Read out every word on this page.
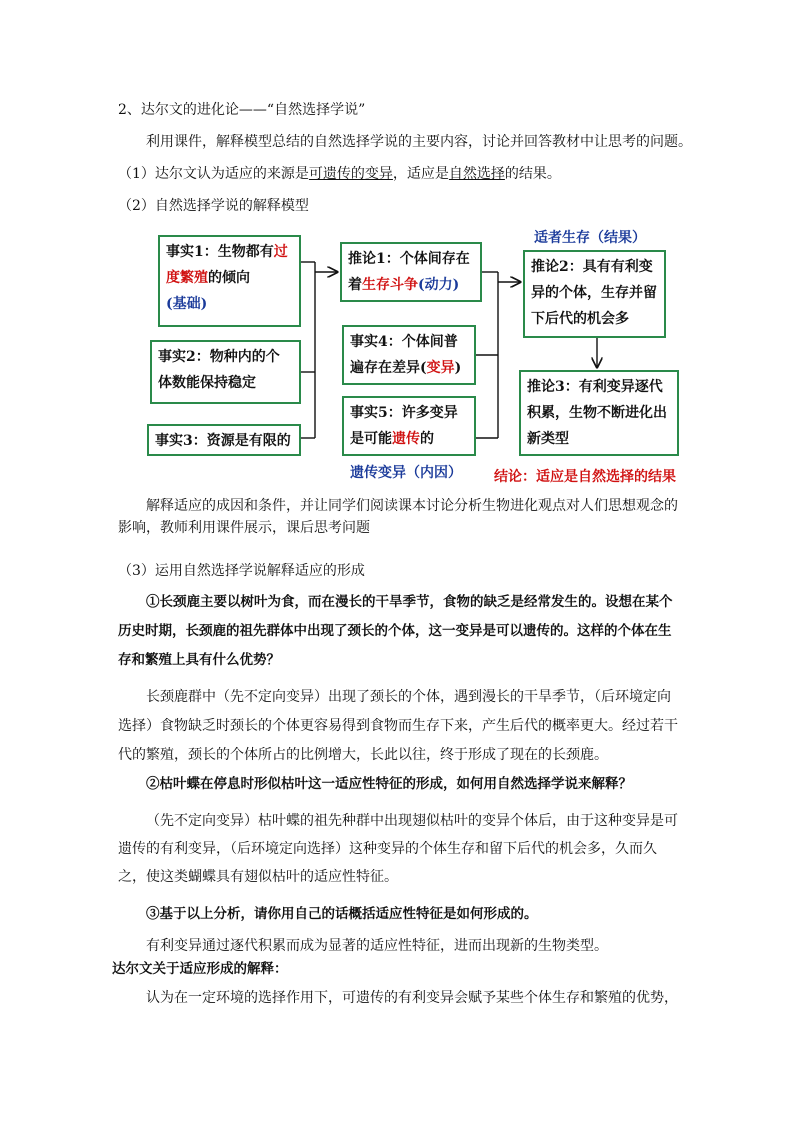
2、达尔文的进化论——“自然选择学说”
利用课件，解释模型总结的自然选择学说的主要内容，讨论并回答教材中让思考的问题。
（1）达尔文认为适应的来源是可遗传的变异，适应是自然选择的结果。
（2）自然选择学说的解释模型
事实1：生物都有过度繁殖的倾向
(基础)
事实2：物种内的个体数能保持稳定
事实3：资源是有限的
推论1：个体间存在着生存斗争(动力)
事实4：个体间普遍存在差异(变异)
事实5：许多变异是可能遗传的
推论2：具有有利变异的个体，生存并留下后代的机会多
推论3：有利变异逐代积累，生物不断进化出新类型
适者生存（结果）
遗传变异（内因） 结论：适应是自然选择的结果
解释适应的成因和条件，并让同学们阅读课本讨论分析生物进化观点对人们思想观念的影响，教师利用课件展示，课后思考问题
（3）运用自然选择学说解释适应的形成
①长颈鹿主要以树叶为食，而在漫长的干旱季节，食物的缺乏是经常发生的。设想在某个历史时期，长颈鹿的祖先群体中出现了颈长的个体，这一变异是可以遗传的。这样的个体在生存和繁殖上具有什么优势？
长颈鹿群中（先不定向变异）出现了颈长的个体，遇到漫长的干旱季节，（后环境定向选择）食物缺乏时颈长的个体更容易得到食物而生存下来，产生后代的概率更大。经过若干代的繁殖，颈长的个体所占的比例增大，长此以往，终于形成了现在的长颈鹿。
②枯叶蝶在停息时形似枯叶这一适应性特征的形成，如何用自然选择学说来解释？
（先不定向变异）枯叶蝶的祖先种群中出现翅似枯叶的变异个体后，由于这种变异是可遗传的有利变异，（后环境定向选择）这种变异的个体生存和留下后代的机会多，久而久之，使这类蝴蝶具有翅似枯叶的适应性特征。
③基于以上分析，请你用自己的话概括适应性特征是如何形成的。
有利变异通过逐代积累而成为显著的适应性特征，进而出现新的生物类型。
达尔文关于适应形成的解释：
认为在一定环境的选择作用下，可遗传的有利变异会赋予某些个体生存和繁殖的优势，
